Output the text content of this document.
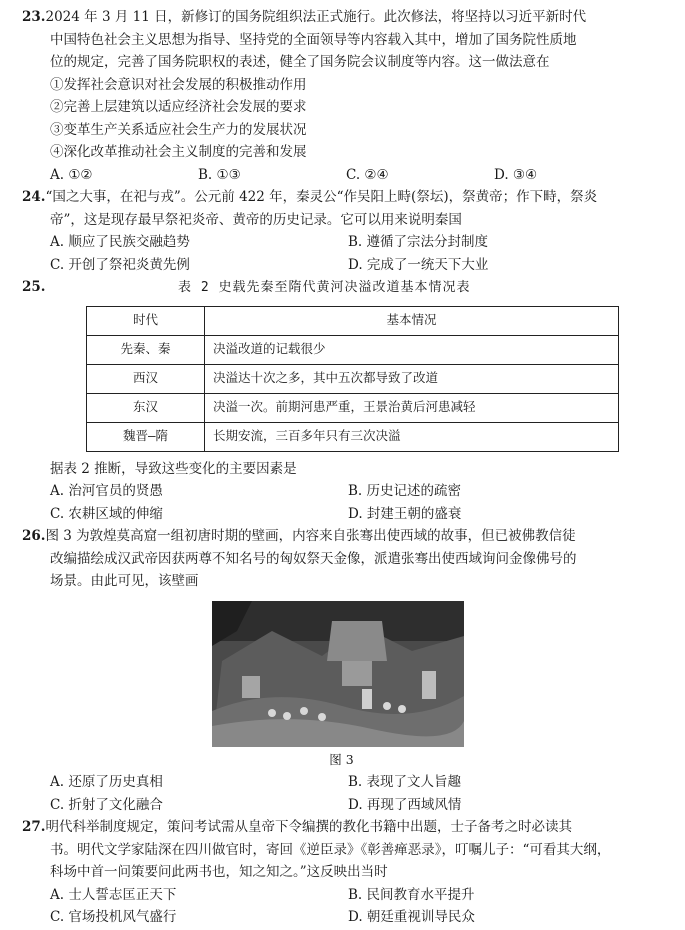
23.2024 年 3 月 11 日，新修订的国务院组织法正式施行。此次修法，将坚持以习近平新时代
中国特色社会主义思想为指导、坚持党的全面领导等内容载入其中，增加了国务院性质地
位的规定，完善了国务院职权的表述，健全了国务院会议制度等内容。这一做法意在
①发挥社会意识对社会发展的积极推动作用
②完善上层建筑以适应经济社会发展的要求
③变革生产关系适应社会生产力的发展状况
④深化改革推动社会主义制度的完善和发展
A. ①②	B. ①③	C. ②④	D. ③④
24.“国之大事，在祀与戎”。公元前 422 年，秦灵公“作吴阳上畤(祭坛)，祭黄帝；作下畤，祭炎
帝”，这是现存最早祭祀炎帝、黄帝的历史记录。它可以用来说明秦国
A. 顺应了民族交融趋势	B. 遵循了宗法分封制度
C. 开创了祭祀炎黄先例	D. 完成了一统天下大业
25.	表 2 史载先秦至隋代黄河决溢改道基本情况表
时代	基本情况
先秦、秦	决溢改道的记载很少
西汉	决溢达十次之多，其中五次都导致了改道
东汉	决溢一次。前期河患严重，王景治黄后河患减轻
魏晋—隋	长期安流，三百多年只有三次决溢
据表 2 推断，导致这些变化的主要因素是
A. 治河官员的贤愚	B. 历史记述的疏密
C. 农耕区域的伸缩	D. 封建王朝的盛衰
26.图 3 为敦煌莫高窟一组初唐时期的壁画，内容来自张骞出使西域的故事，但已被佛教信徒
改编描绘成汉武帝因获两尊不知名号的匈奴祭天金像，派遣张骞出使西域询问金像佛号的
场景。由此可见，该壁画
图 3
A. 还原了历史真相	B. 表现了文人旨趣
C. 折射了文化融合	D. 再现了西域风情
27.明代科举制度规定，策问考试需从皇帝下令编撰的教化书籍中出题，士子备考之时必读其
书。明代文学家陆深在四川做官时，寄回《逆臣录》《彰善瘅恶录》，叮嘱儿子：“可看其大纲，
科场中首一问策要问此两书也，知之知之。”这反映出当时
A. 士人誓志匡正天下	B. 民间教育水平提升
C. 官场投机风气盛行	D. 朝廷重视训导民众
